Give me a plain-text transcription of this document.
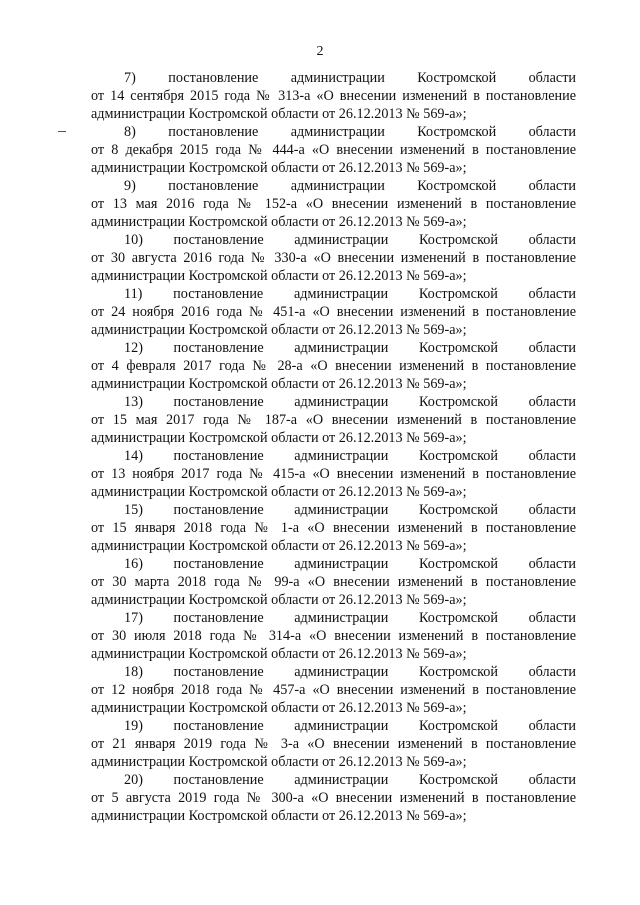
2
7) постановление администрации Костромской области
от 14 сентября 2015 года № 313-а «О внесении изменений в постановление
администрации Костромской области от 26.12.2013 № 569-а»;
8) постановление администрации Костромской области
от 8 декабря 2015 года № 444-а «О внесении изменений в постановление
администрации Костромской области от 26.12.2013 № 569-а»;
9) постановление администрации Костромской области
от 13 мая 2016 года № 152-а «О внесении изменений в постановление
администрации Костромской области от 26.12.2013 № 569-а»;
10) постановление администрации Костромской области
от 30 августа 2016 года № 330-а «О внесении изменений в постановление
администрации Костромской области от 26.12.2013 № 569-а»;
11) постановление администрации Костромской области
от 24 ноября 2016 года № 451-а «О внесении изменений в постановление
администрации Костромской области от 26.12.2013 № 569-а»;
12) постановление администрации Костромской области
от 4 февраля 2017 года № 28-а «О внесении изменений в постановление
администрации Костромской области от 26.12.2013 № 569-а»;
13) постановление администрации Костромской области
от 15 мая 2017 года № 187-а «О внесении изменений в постановление
администрации Костромской области от 26.12.2013 № 569-а»;
14) постановление администрации Костромской области
от 13 ноября 2017 года № 415-а «О внесении изменений в постановление
администрации Костромской области от 26.12.2013 № 569-а»;
15) постановление администрации Костромской области
от 15 января 2018 года № 1-а «О внесении изменений в постановление
администрации Костромской области от 26.12.2013 № 569-а»;
16) постановление администрации Костромской области
от 30 марта 2018 года № 99-а «О внесении изменений в постановление
администрации Костромской области от 26.12.2013 № 569-а»;
17) постановление администрации Костромской области
от 30 июля 2018 года № 314-а «О внесении изменений в постановление
администрации Костромской области от 26.12.2013 № 569-а»;
18) постановление администрации Костромской области
от 12 ноября 2018 года № 457-а «О внесении изменений в постановление
администрации Костромской области от 26.12.2013 № 569-а»;
19) постановление администрации Костромской области
от 21 января 2019 года № 3-а «О внесении изменений в постановление
администрации Костромской области от 26.12.2013 № 569-а»;
20) постановление администрации Костромской области
от 5 августа 2019 года № 300-а «О внесении изменений в постановление
администрации Костромской области от 26.12.2013 № 569-а»;
